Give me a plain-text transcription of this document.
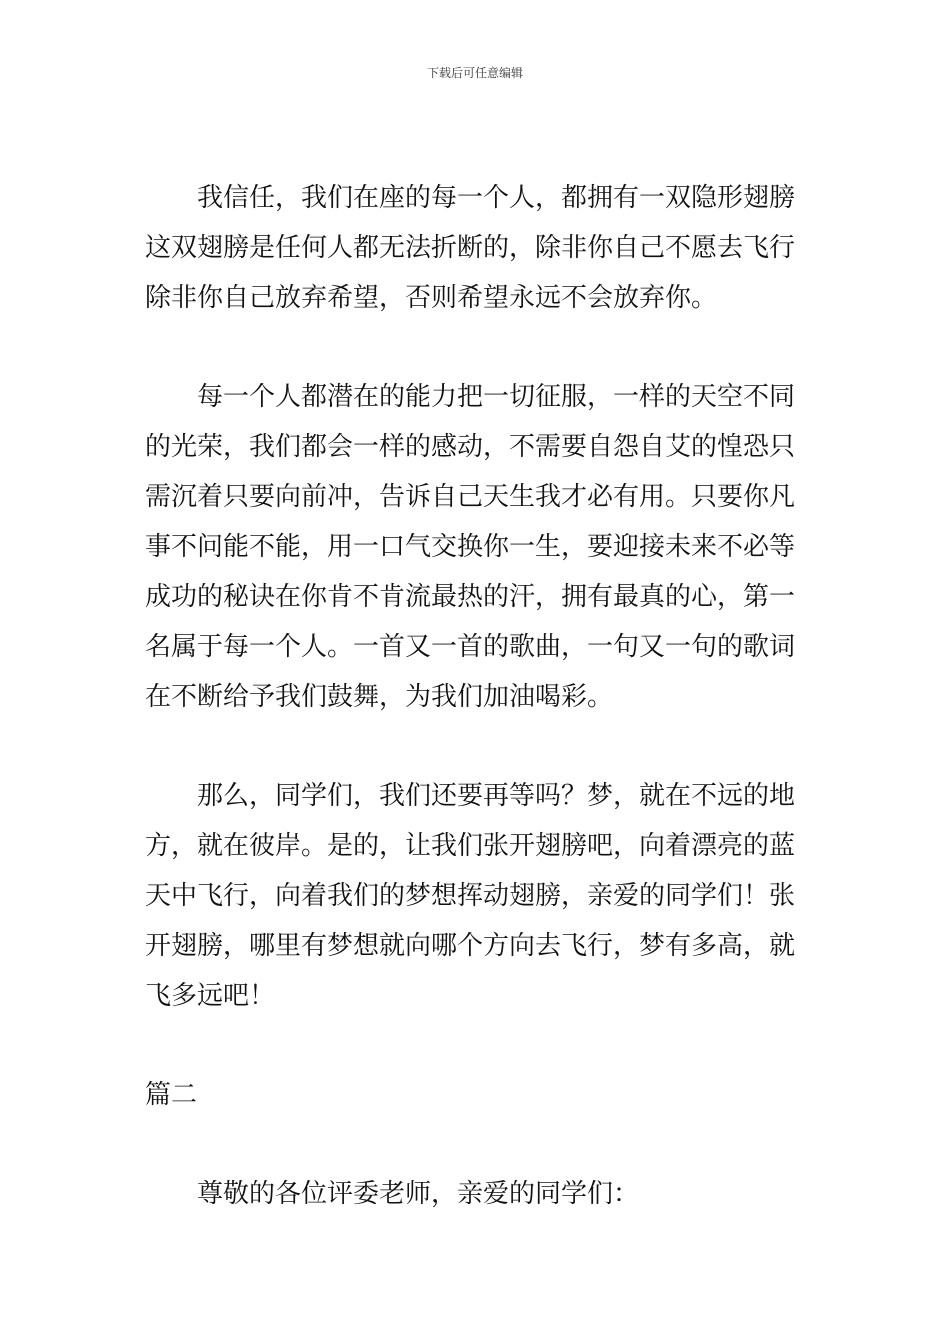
下载后可任意编辑
我信任，我们在座的每一个人，都拥有一双隐形翅膀
这双翅膀是任何人都无法折断的，除非你自己不愿去飞行
除非你自己放弃希望，否则希望永远不会放弃你。
每一个人都潜在的能力把一切征服，一样的天空不同
的光荣，我们都会一样的感动，不需要自怨自艾的惶恐只
需沉着只要向前冲，告诉自己天生我才必有用。只要你凡
事不问能不能，用一口气交换你一生，要迎接未来不必等
成功的秘诀在你肯不肯流最热的汗，拥有最真的心，第一
名属于每一个人。一首又一首的歌曲，一句又一句的歌词
在不断给予我们鼓舞，为我们加油喝彩。
那么，同学们，我们还要再等吗？梦，就在不远的地
方，就在彼岸。是的，让我们张开翅膀吧，向着漂亮的蓝
天中飞行，向着我们的梦想挥动翅膀，亲爱的同学们！张
开翅膀，哪里有梦想就向哪个方向去飞行，梦有多高，就
飞多远吧！
篇二
尊敬的各位评委老师，亲爱的同学们：
